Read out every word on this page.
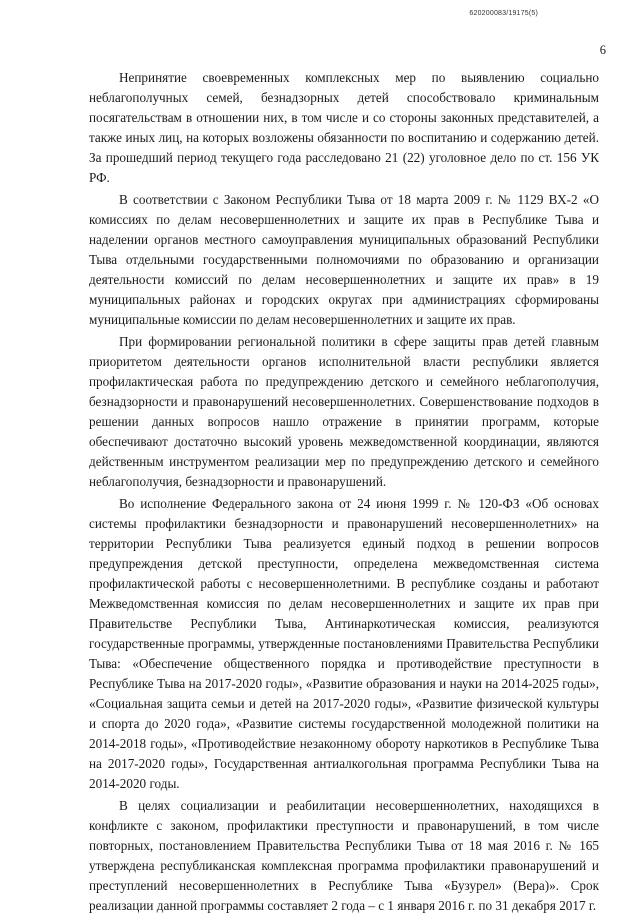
620200083/19175(5)
6

Непринятие своевременных комплексных мер по выявлению социально неблагополучных семей, безнадзорных детей способствовало криминальным посягательствам в отношении них, в том числе и со стороны законных представителей, а также иных лиц, на которых возложены обязанности по воспитанию и содержанию детей. За прошедший период текущего года расследовано 21 (22) уголовное дело по ст. 156 УК РФ.

В соответствии с Законом Республики Тыва от 18 марта 2009 г. № 1129 ВХ-2 «О комиссиях по делам несовершеннолетних и защите их прав в Республике Тыва и наделении органов местного самоуправления муниципальных образований Республики Тыва отдельными государственными полномочиями по образованию и организации деятельности комиссий по делам несовершеннолетних и защите их прав» в 19 муниципальных районах и городских округах при администрациях сформированы муниципальные комиссии по делам несовершеннолетних и защите их прав.

При формировании региональной политики в сфере защиты прав детей главным приоритетом деятельности органов исполнительной власти республики является профилактическая работа по предупреждению детского и семейного неблагополучия, безнадзорности и правонарушений несовершеннолетних. Совершенствование подходов в решении данных вопросов нашло отражение в принятии программ, которые обеспечивают достаточно высокий уровень межведомственной координации, являются действенным инструментом реализации мер по предупреждению детского и семейного неблагополучия, безнадзорности и правонарушений.

Во исполнение Федерального закона от 24 июня 1999 г. № 120-ФЗ «Об основах системы профилактики безнадзорности и правонарушений несовершеннолетних» на территории Республики Тыва реализуется единый подход в решении вопросов предупреждения детской преступности, определена межведомственная система профилактической работы с несовершеннолетними. В республике созданы и работают Межведомственная комиссия по делам несовершеннолетних и защите их прав при Правительстве Республики Тыва, Антинаркотическая комиссия, реализуются государственные программы, утвержденные постановлениями Правительства Республики Тыва: «Обеспечение общественного порядка и противодействие преступности в Республике Тыва на 2017-2020 годы», «Развитие образования и науки на 2014-2025 годы», «Социальная защита семьи и детей на 2017-2020 годы», «Развитие физической культуры и спорта до 2020 года», «Развитие системы государственной молодежной политики на 2014-2018 годы», «Противодействие незаконному обороту наркотиков в Республике Тыва на 2017-2020 годы», Государственная антиалкогольная программа Республики Тыва на 2014-2020 годы.

В целях социализации и реабилитации несовершеннолетних, находящихся в конфликте с законом, профилактики преступности и правонарушений, в том числе повторных, постановлением Правительства Республики Тыва от 18 мая 2016 г. № 165 утверждена республиканская комплексная программа профилактики правонарушений и преступлений несовершеннолетних в Республике Тыва «Бузурел» (Вера)». Срок реализации данной программы составляет 2 года – с 1 января 2016 г. по 31 декабря 2017 г.
